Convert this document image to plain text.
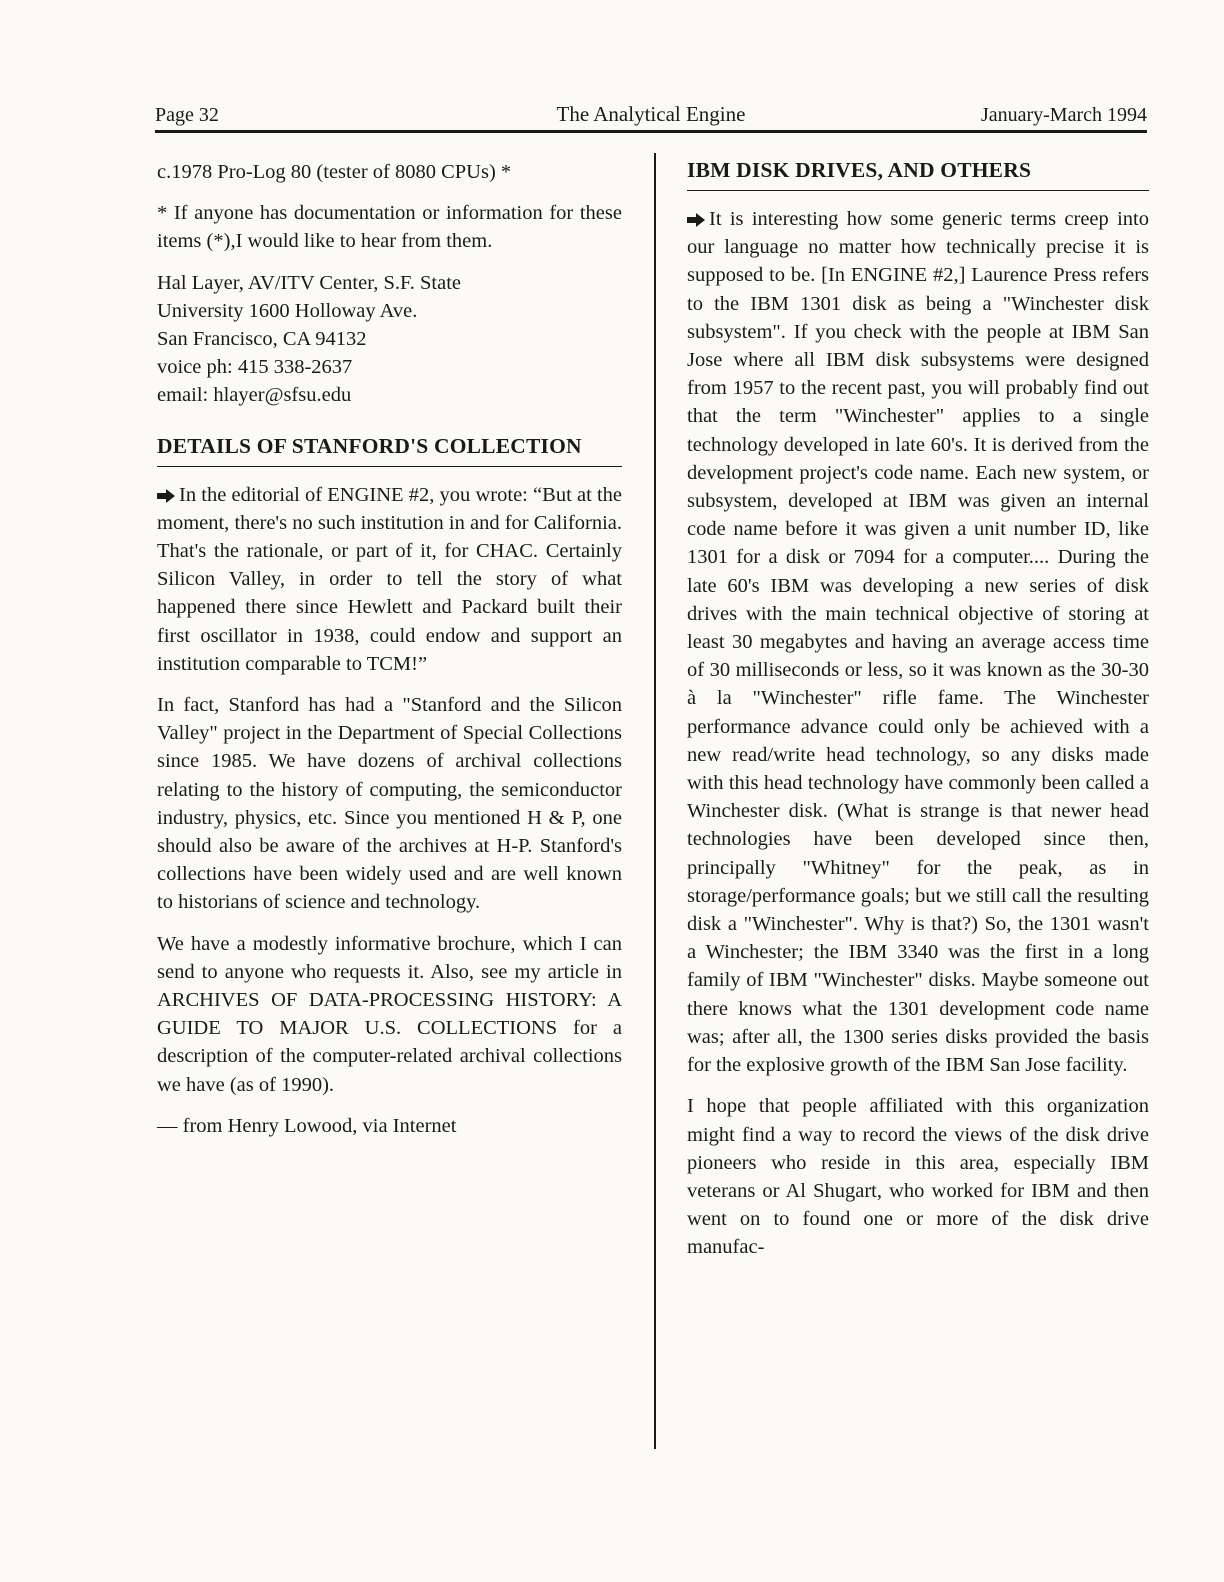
Page 32	The Analytical Engine	January-March 1994

c.1978 Pro-Log 80 (tester of 8080 CPUs) *

* If anyone has documentation or information for these items (*),I would like to hear from them.

Hal Layer, AV/ITV Center, S.F. State
University 1600 Holloway Ave.
San Francisco, CA 94132
voice ph: 415 338-2637
email: hlayer@sfsu.edu

DETAILS OF STANFORD'S COLLECTION

In the editorial of ENGINE #2, you wrote: “But at the moment, there's no such institution in and for California. That's the rationale, or part of it, for CHAC. Certainly Silicon Valley, in order to tell the story of what happened there since Hewlett and Packard built their first oscillator in 1938, could endow and support an institution comparable to TCM!”

In fact, Stanford has had a "Stanford and the Silicon Valley" project in the Department of Special Collections since 1985. We have dozens of archival collections relating to the history of computing, the semiconductor industry, physics, etc. Since you mentioned H & P, one should also be aware of the archives at H-P. Stanford's collections have been widely used and are well known to historians of science and technology.

We have a modestly informative brochure, which I can send to anyone who requests it. Also, see my article in ARCHIVES OF DATA-PROCESSING HISTORY: A GUIDE TO MAJOR U.S. COLLECTIONS for a description of the computer-related archival collections we have (as of 1990).

— from Henry Lowood, via Internet

IBM DISK DRIVES, AND OTHERS

It is interesting how some generic terms creep into our language no matter how technically precise it is supposed to be. [In ENGINE #2,] Laurence Press refers to the IBM 1301 disk as being a "Winchester disk subsystem". If you check with the people at IBM San Jose where all IBM disk subsystems were designed from 1957 to the recent past, you will probably find out that the term "Winchester" applies to a single technology developed in late 60's. It is derived from the development project's code name. Each new system, or subsystem, developed at IBM was given an internal code name before it was given a unit number ID, like 1301 for a disk or 7094 for a computer.... During the late 60's IBM was developing a new series of disk drives with the main technical objective of storing at least 30 megabytes and having an average access time of 30 milliseconds or less, so it was known as the 30-30 à la "Winchester" rifle fame. The Winchester performance advance could only be achieved with a new read/write head technology, so any disks made with this head technology have commonly been called a Winchester disk. (What is strange is that newer head technologies have been developed since then, principally "Whitney" for the peak, as in storage/performance goals; but we still call the resulting disk a "Winchester". Why is that?) So, the 1301 wasn't a Winchester; the IBM 3340 was the first in a long family of IBM "Winchester" disks. Maybe someone out there knows what the 1301 development code name was; after all, the 1300 series disks provided the basis for the explosive growth of the IBM San Jose facility.

I hope that people affiliated with this organization might find a way to record the views of the disk drive pioneers who reside in this area, especially IBM veterans or Al Shugart, who worked for IBM and then went on to found one or more of the disk drive manufac-
